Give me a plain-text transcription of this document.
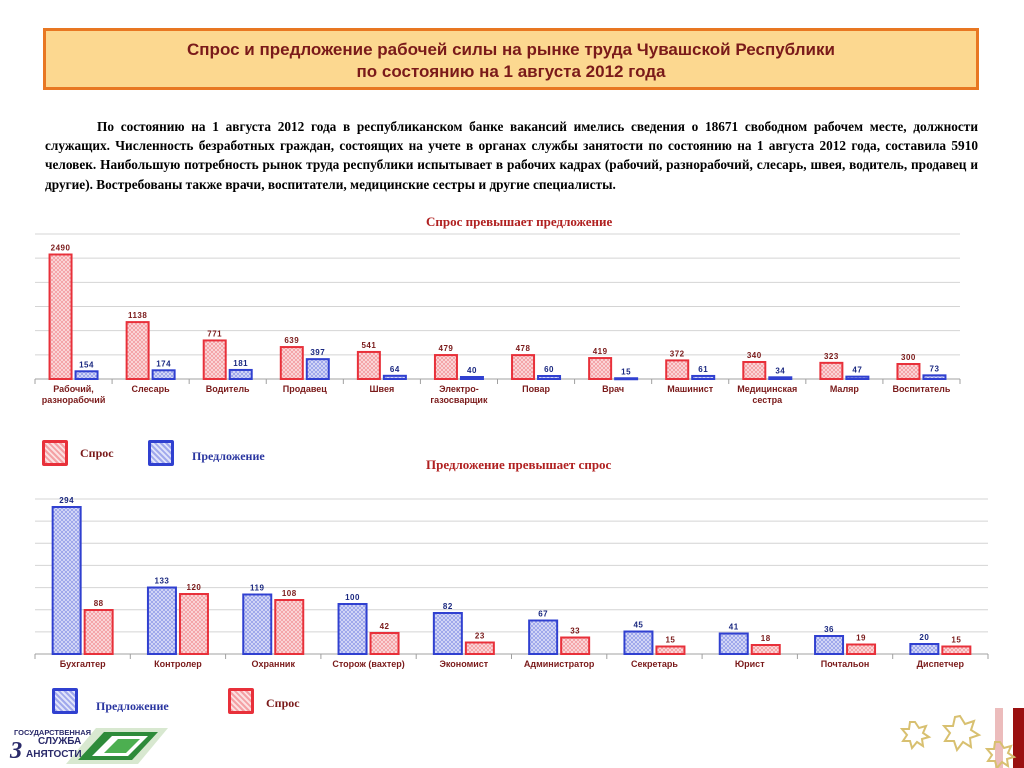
Спрос и предложение рабочей силы на рынке труда Чувашской Республики
по состоянию на 1 августа 2012 года
По состоянию на 1 августа 2012 года в республиканском банке вакансий имелись сведения о 18671 свободном рабочем месте, должности служащих. Численность безработных граждан, состоящих на учете в органах службы занятости по состоянию на 1 августа 2012 года, составила 5910 человек. Наибольшую потребность рынок труда республики испытывает в рабочих кадрах (рабочий, разнорабочий, слесарь, швея, водитель, продавец и другие). Востребованы также врачи, воспитатели, медицинские сестры и другие специалисты.
Спрос превышает предложение
2490
154
Рабочий,
разнорабочий
1138
174
Слесарь
771
181
Водитель
639
397
Продавец
541
64
Швея
479
40
Электро-
газосварщик
478
60
Повар
419
15
Врач
372
61
Машинист
340
34
Медицинская
сестра
323
47
Маляр
300
73
Воспитатель
Спрос	Предложение
Предложение превышает спрос
294
88
Бухгалтер
133
120
Контролер
119
108
Охранник
100
42
Сторож (вахтер)
82
23
Экономист
67
33
Администратор
45
15
Секретарь
41
18
Юрист
36
19
Почтальон
20	15
Диспетчер
Предложение	Спрос
ГОСУДАРСТВЕННАЯ
СЛУЖБА
З АНЯТОСТИ
